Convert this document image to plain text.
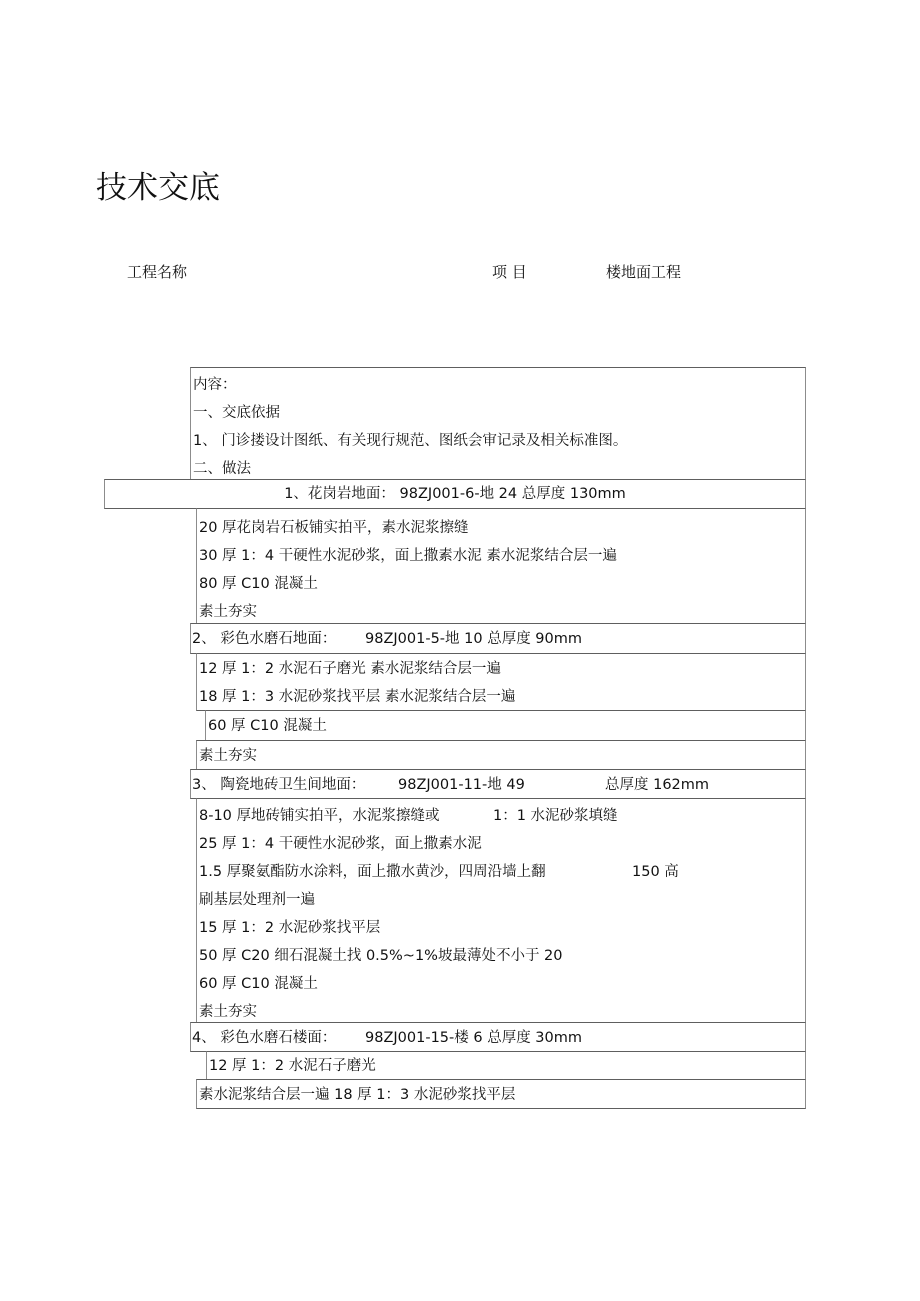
技术交底
工程名称	项 目	楼地面工程
内容：
一、交底依据
1、 门诊搂设计图纸、有关现行规范、图纸会审记录及相关标准图。
二、做法
1、花岗岩地面： 98ZJ001-6-地 24 总厚度 130mm
20 厚花岗岩石板铺实拍平，素水泥浆擦缝
30 厚 1：4 干硬性水泥砂浆，面上撒素水泥 素水泥浆结合层一遍
80 厚 C10 混凝土
素土夯实
2、 彩色水磨石地面： 98ZJ001-5-地 10 总厚度 90mm
12 厚 1：2 水泥石子磨光 素水泥浆结合层一遍
18 厚 1：3 水泥砂浆找平层 素水泥浆结合层一遍
60 厚 C10 混凝土
素土夯实
3、 陶瓷地砖卫生间地面： 98ZJ001-11-地 49	总厚度 162mm
8-10 厚地砖铺实拍平，水泥浆擦缝或	1：1 水泥砂浆填缝
25 厚 1：4 干硬性水泥砂浆，面上撒素水泥
1.5 厚聚氨酯防水涂料，面上撒水黄沙，四周沿墙上翻	150 高
刷基层处理剂一遍
15 厚 1：2 水泥砂浆找平层
50 厚 C20 细石混凝土找 0.5%~1%坡最薄处不小于 20
60 厚 C10 混凝土
素土夯实
4、 彩色水磨石楼面： 98ZJ001-15-楼 6 总厚度 30mm
12 厚 1：2 水泥石子磨光
素水泥浆结合层一遍 18 厚 1：3 水泥砂浆找平层
